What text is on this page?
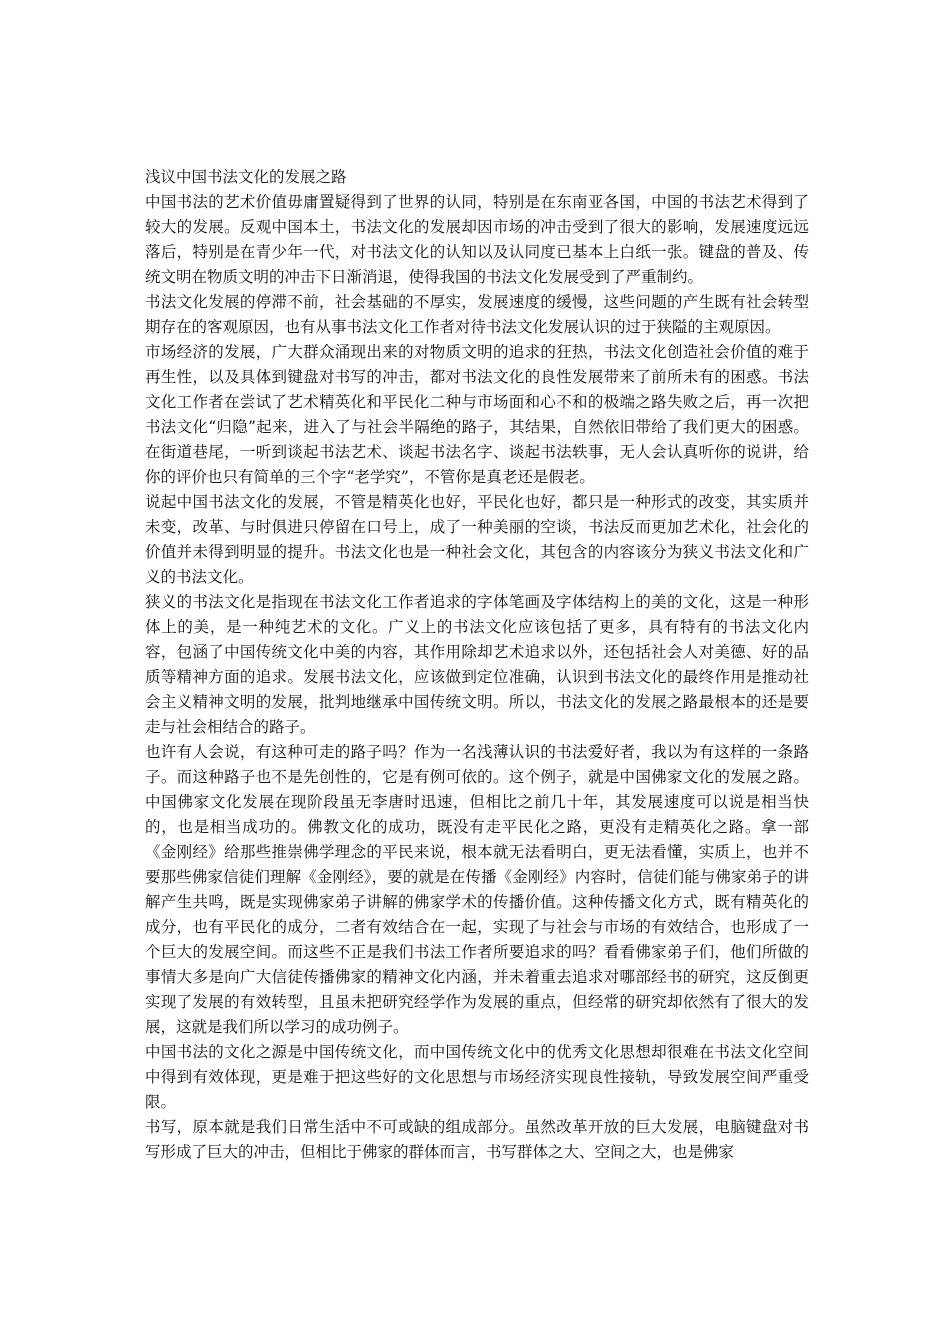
浅议中国书法文化的发展之路

中国书法的艺术价值毋庸置疑得到了世界的认同，特别是在东南亚各国，中国的书法艺术得到了较大的发展。反观中国本土，书法文化的发展却因市场的冲击受到了很大的影响，发展速度远远落后，特别是在青少年一代，对书法文化的认知以及认同度已基本上白纸一张。键盘的普及、传统文明在物质文明的冲击下日渐消退，使得我国的书法文化发展受到了严重制约。

书法文化发展的停滞不前，社会基础的不厚实，发展速度的缓慢，这些问题的产生既有社会转型期存在的客观原因，也有从事书法文化工作者对待书法文化发展认识的过于狭隘的主观原因。

市场经济的发展，广大群众涌现出来的对物质文明的追求的狂热，书法文化创造社会价值的难于再生性，以及具体到键盘对书写的冲击，都对书法文化的良性发展带来了前所未有的困惑。书法文化工作者在尝试了艺术精英化和平民化二种与市场面和心不和的极端之路失败之后，再一次把书法文化“归隐”起来，进入了与社会半隔绝的路子，其结果，自然依旧带给了我们更大的困惑。在街道巷尾，一听到谈起书法艺术、谈起书法名字、谈起书法轶事，无人会认真听你的说讲，给你的评价也只有简单的三个字“老学究”，不管你是真老还是假老。

说起中国书法文化的发展，不管是精英化也好，平民化也好，都只是一种形式的改变，其实质并未变，改革、与时俱进只停留在口号上，成了一种美丽的空谈，书法反而更加艺术化，社会化的价值并未得到明显的提升。书法文化也是一种社会文化，其包含的内容该分为狭义书法文化和广义的书法文化。

狭义的书法文化是指现在书法文化工作者追求的字体笔画及字体结构上的美的文化，这是一种形体上的美，是一种纯艺术的文化。广义上的书法文化应该包括了更多，具有特有的书法文化内容，包涵了中国传统文化中美的内容，其作用除却艺术追求以外，还包括社会人对美德、好的品质等精神方面的追求。发展书法文化，应该做到定位准确，认识到书法文化的最终作用是推动社会主义精神文明的发展，批判地继承中国传统文明。所以，书法文化的发展之路最根本的还是要走与社会相结合的路子。

也许有人会说，有这种可走的路子吗？作为一名浅薄认识的书法爱好者，我以为有这样的一条路子。而这种路子也不是先创性的，它是有例可依的。这个例子，就是中国佛家文化的发展之路。中国佛家文化发展在现阶段虽无李唐时迅速，但相比之前几十年，其发展速度可以说是相当快的，也是相当成功的。佛教文化的成功，既没有走平民化之路，更没有走精英化之路。拿一部《金刚经》给那些推崇佛学理念的平民来说，根本就无法看明白，更无法看懂，实质上，也并不要那些佛家信徒们理解《金刚经》，要的就是在传播《金刚经》内容时，信徒们能与佛家弟子的讲解产生共鸣，既是实现佛家弟子讲解的佛家学术的传播价值。这种传播文化方式，既有精英化的成分，也有平民化的成分，二者有效结合在一起，实现了与社会与市场的有效结合，也形成了一个巨大的发展空间。而这些不正是我们书法工作者所要追求的吗？看看佛家弟子们，他们所做的事情大多是向广大信徒传播佛家的精神文化内涵，并未着重去追求对哪部经书的研究，这反倒更实现了发展的有效转型，且虽未把研究经学作为发展的重点，但经常的研究却依然有了很大的发展，这就是我们所以学习的成功例子。

中国书法的文化之源是中国传统文化，而中国传统文化中的优秀文化思想却很难在书法文化空间中得到有效体现，更是难于把这些好的文化思想与市场经济实现良性接轨，导致发展空间严重受限。

书写，原本就是我们日常生活中不可或缺的组成部分。虽然改革开放的巨大发展，电脑键盘对书写形成了巨大的冲击，但相比于佛家的群体而言，书写群体之大、空间之大，也是佛家
